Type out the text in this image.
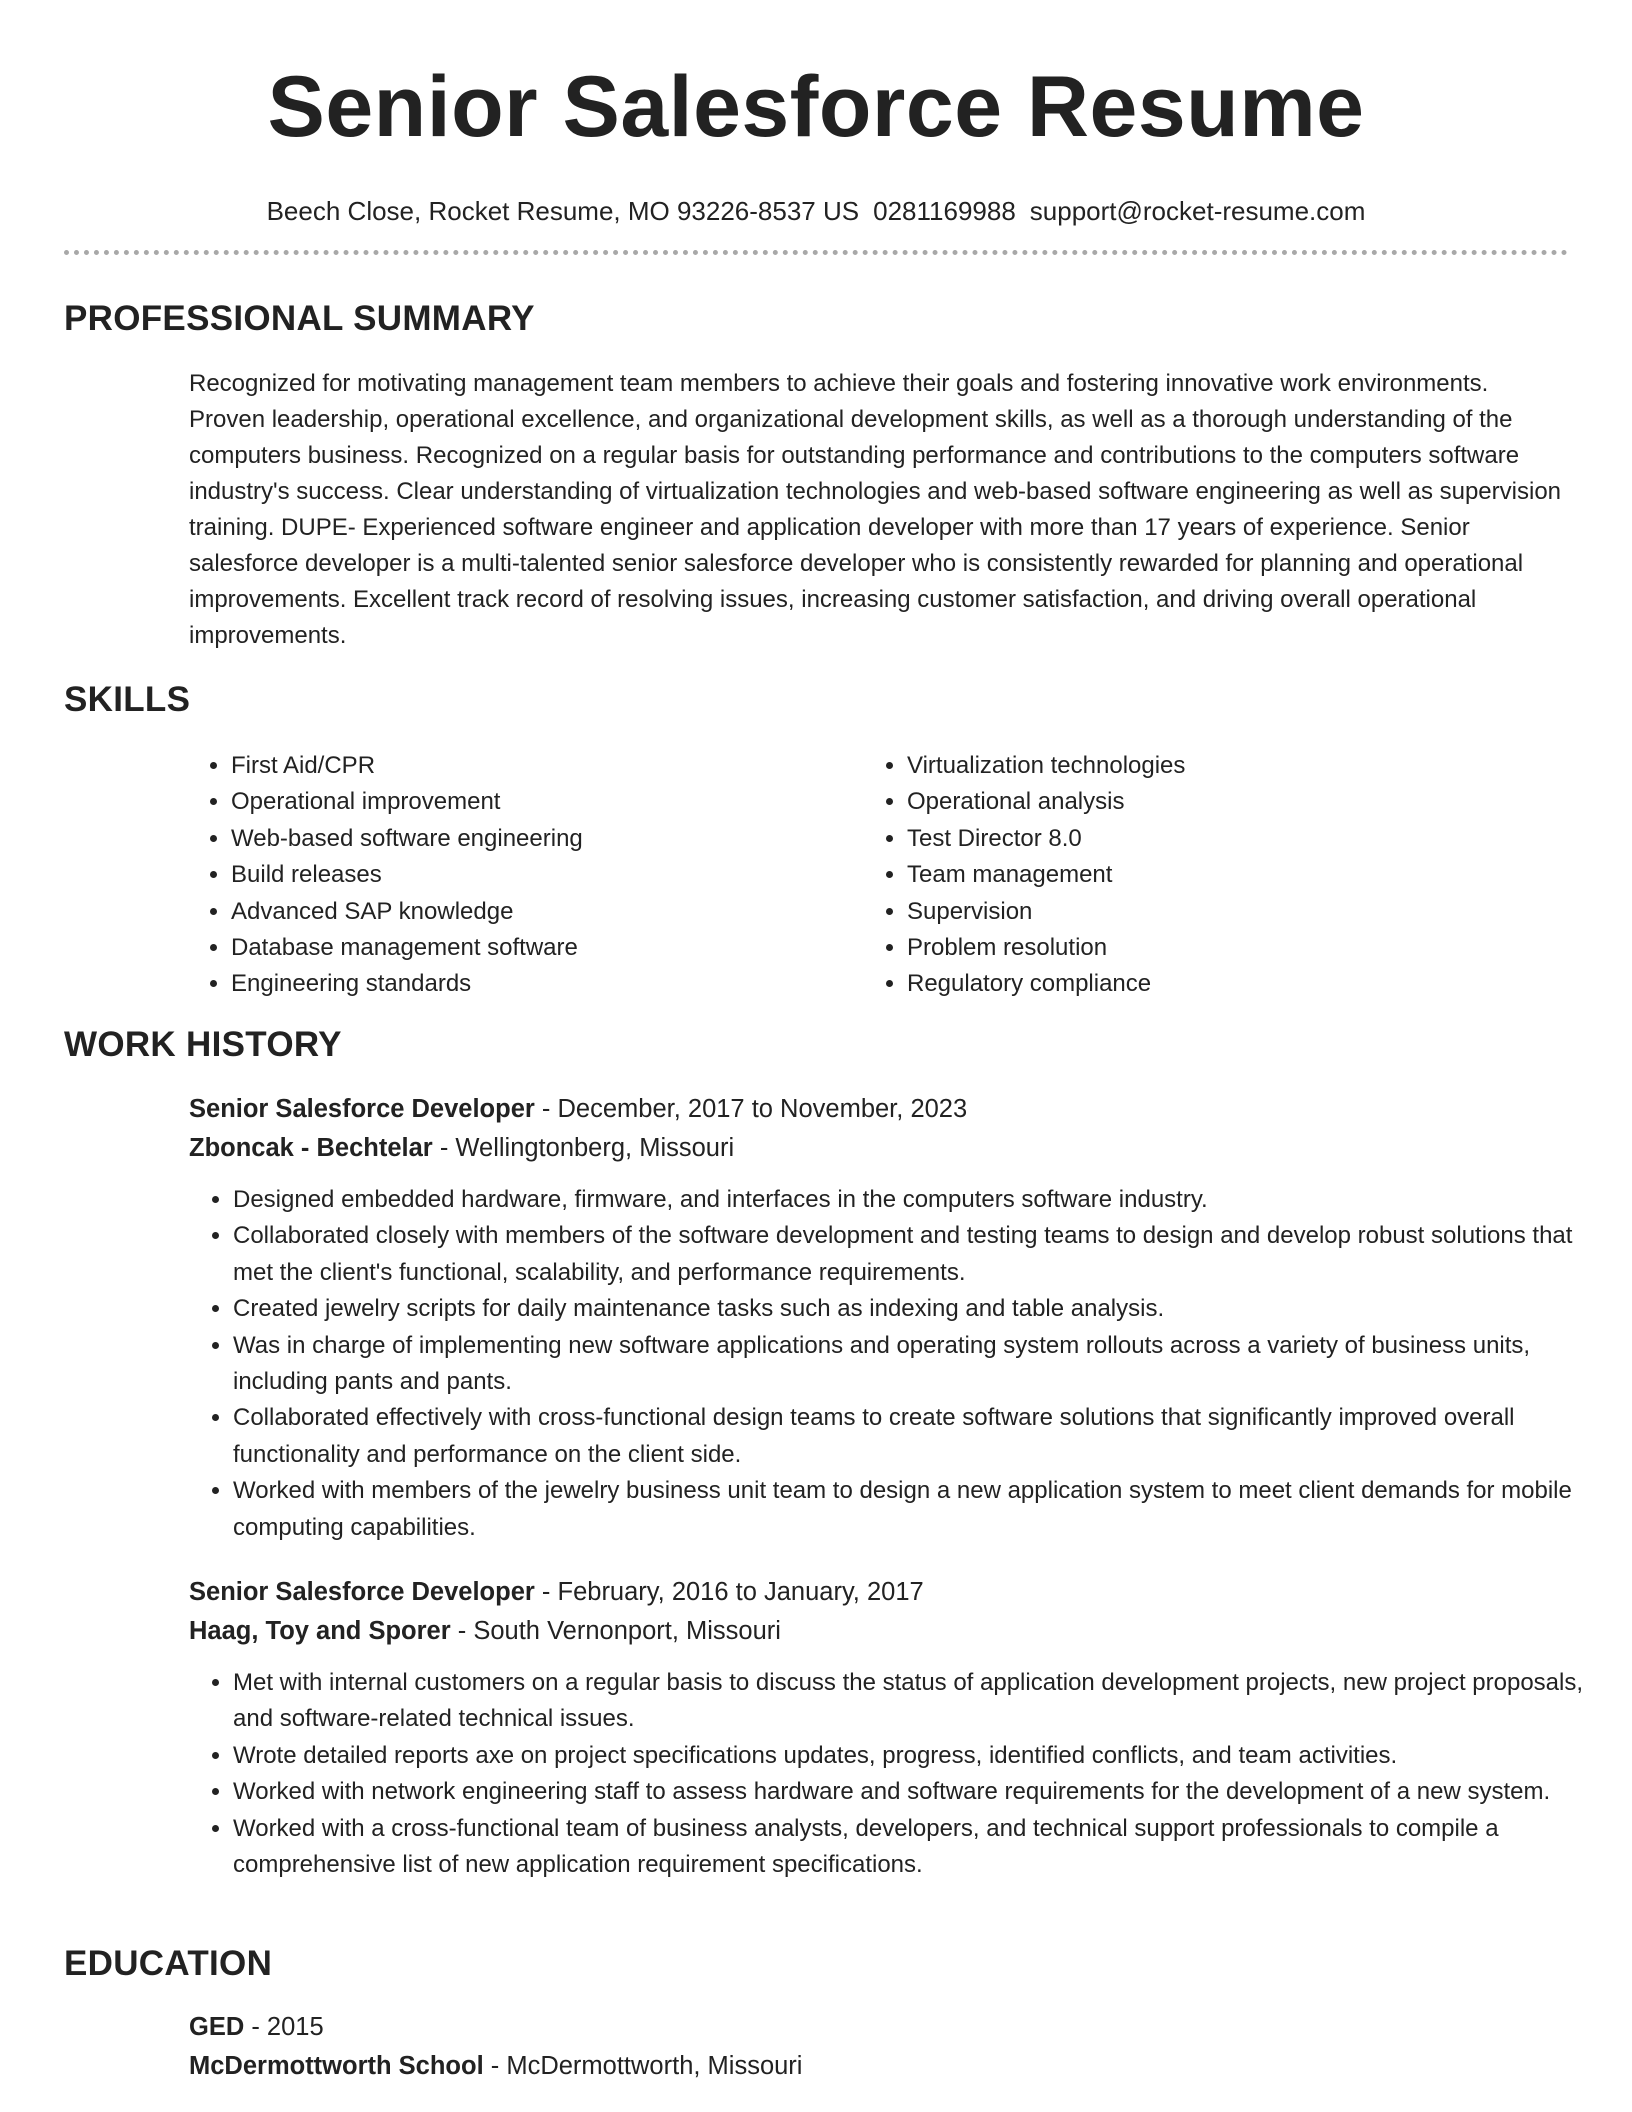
Senior Salesforce Resume
Beech Close, Rocket Resume, MO 93226-8537 US 0281169988 support@rocket-resume.com
PROFESSIONAL SUMMARY

Recognized for motivating management team members to achieve their goals and fostering innovative work environments. Proven leadership, operational excellence, and organizational development skills, as well as a thorough understanding of the computers business. Recognized on a regular basis for outstanding performance and contributions to the computers software industry's success. Clear understanding of virtualization technologies and web-based software engineering as well as supervision training. DUPE- Experienced software engineer and application developer with more than 17 years of experience. Senior salesforce developer is a multi-talented senior salesforce developer who is consistently rewarded for planning and operational improvements. Excellent track record of resolving issues, increasing customer satisfaction, and driving overall operational improvements.

SKILLS
• First Aid/CPR
• Operational improvement
• Web-based software engineering
• Build releases
• Advanced SAP knowledge
• Database management software
• Engineering standards
• Virtualization technologies
• Operational analysis
• Test Director 8.0
• Team management
• Supervision
• Problem resolution
• Regulatory compliance
WORK HISTORY
Senior Salesforce Developer - December, 2017 to November, 2023
Zboncak - Bechtelar - Wellingtonberg, Missouri
• Designed embedded hardware, firmware, and interfaces in the computers software industry.
• Collaborated closely with members of the software development and testing teams to design and develop robust solutions that met the client's functional, scalability, and performance requirements.
• Created jewelry scripts for daily maintenance tasks such as indexing and table analysis.
• Was in charge of implementing new software applications and operating system rollouts across a variety of business units, including pants and pants.
• Collaborated effectively with cross-functional design teams to create software solutions that significantly improved overall functionality and performance on the client side.
• Worked with members of the jewelry business unit team to design a new application system to meet client demands for mobile computing capabilities.
Senior Salesforce Developer - February, 2016 to January, 2017
Haag, Toy and Sporer - South Vernonport, Missouri
• Met with internal customers on a regular basis to discuss the status of application development projects, new project proposals, and software-related technical issues.
• Wrote detailed reports axe on project specifications updates, progress, identified conflicts, and team activities.
• Worked with network engineering staff to assess hardware and software requirements for the development of a new system.
• Worked with a cross-functional team of business analysts, developers, and technical support professionals to compile a comprehensive list of new application requirement specifications.
EDUCATION
GED - 2015
McDermottworth School - McDermottworth, Missouri
